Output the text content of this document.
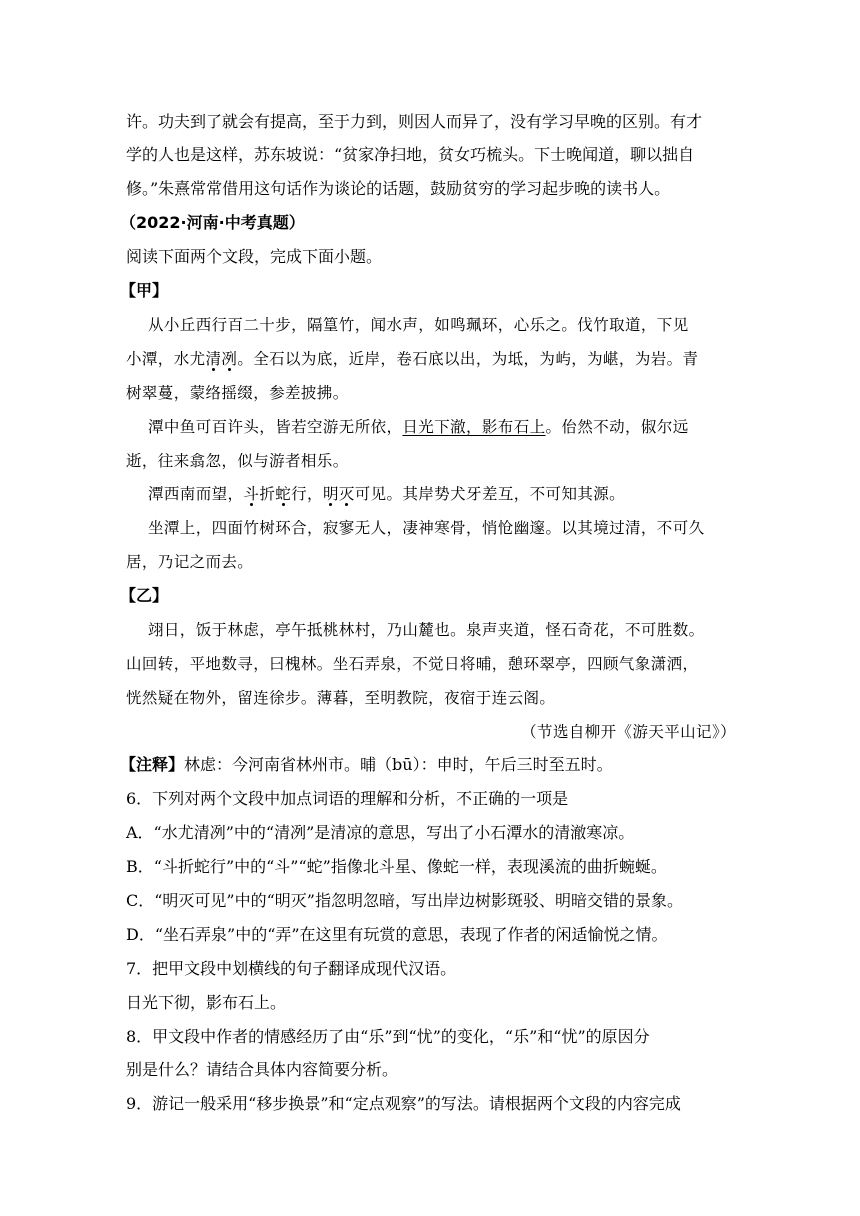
许。功夫到了就会有提高，至于力到，则因人而异了，没有学习早晚的区别。有才
学的人也是这样，苏东坡说：“贫家净扫地，贫女巧梳头。下士晚闻道，聊以拙自
修。”朱熹常常借用这句话作为谈论的话题，鼓励贫穷的学习起步晚的读书人。
（2022·河南·中考真题）
阅读下面两个文段，完成下面小题。
【甲】
从小丘西行百二十步，隔篁竹，闻水声，如鸣珮环，心乐之。伐竹取道，下见
小潭，水尤清冽。全石以为底，近岸，卷石底以出，为坻，为屿，为嵁，为岩。青
树翠蔓，蒙络摇缀，参差披拂。
潭中鱼可百许头，皆若空游无所依，日光下澈，影布石上。佁然不动，俶尔远
逝，往来翕忽，似与游者相乐。
潭西南而望，斗折蛇行，明灭可见。其岸势犬牙差互，不可知其源。
坐潭上，四面竹树环合，寂寥无人，凄神寒骨，悄怆幽邃。以其境过清，不可久
居，乃记之而去。
【乙】
翊日，饭于林虑，亭午抵桃林村，乃山麓也。泉声夹道，怪石奇花，不可胜数。
山回转，平地数寻，曰槐林。坐石弄泉，不觉日将晡，憩环翠亭，四顾气象潇洒，
恍然疑在物外，留连徐步。薄暮，至明教院，夜宿于连云阁。
（节选自柳开《游天平山记》）
【注释】林虑：今河南省林州市。晡（bū）：申时，午后三时至五时。
6．下列对两个文段中加点词语的理解和分析，不正确的一项是
A．“水尤清冽”中的“清冽”是清凉的意思，写出了小石潭水的清澈寒凉。
B．“斗折蛇行”中的“斗”“蛇”指像北斗星、像蛇一样，表现溪流的曲折蜿蜒。
C．“明灭可见”中的“明灭”指忽明忽暗，写出岸边树影斑驳、明暗交错的景象。
D．“坐石弄泉”中的“弄”在这里有玩赏的意思，表现了作者的闲适愉悦之情。
7．把甲文段中划横线的句子翻译成现代汉语。
日光下彻，影布石上。
8．甲文段中作者的情感经历了由“乐”到“忧”的变化，“乐”和“忧”的原因分
别是什么？请结合具体内容简要分析。
9．游记一般采用“移步换景”和“定点观察”的写法。请根据两个文段的内容完成
